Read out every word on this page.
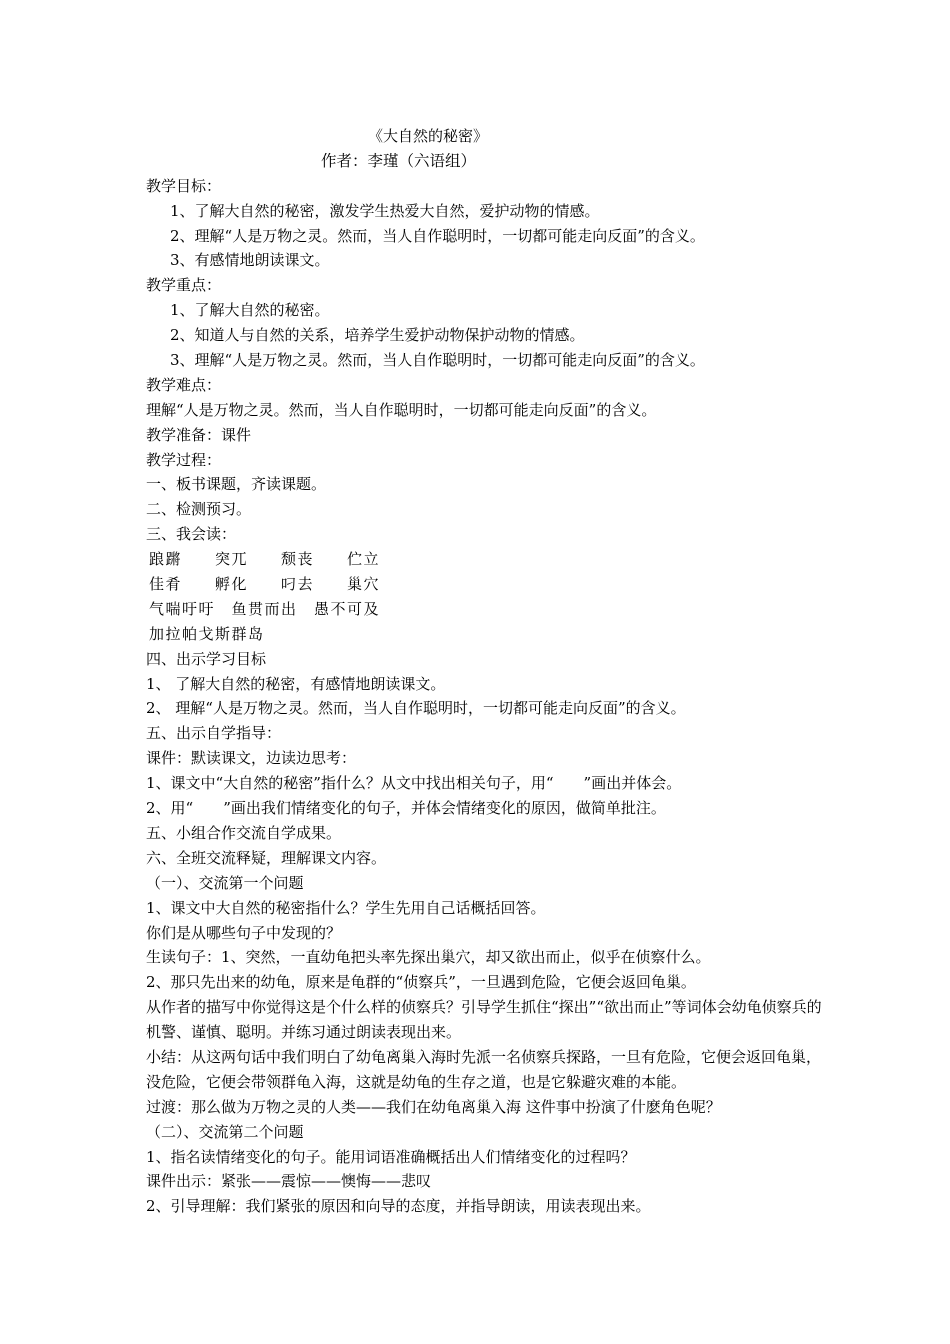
《大自然的秘密》
作者：李瑾（六语组）
教学目标：
1、了解大自然的秘密，激发学生热爱大自然，爱护动物的情感。
2、理解“人是万物之灵。然而，当人自作聪明时，一切都可能走向反面”的含义。
3、有感情地朗读课文。
教学重点：
1、了解大自然的秘密。
2、知道人与自然的关系，培养学生爱护动物保护动物的情感。
3、理解“人是万物之灵。然而，当人自作聪明时，一切都可能走向反面”的含义。
教学难点：
理解“人是万物之灵。然而，当人自作聪明时，一切都可能走向反面”的含义。
教学准备：课件
教学过程：
一、板书课题，齐读课题。
二、检测预习。
三、我会读：
踉蹡　　突兀　　颓丧　　伫立
佳肴　　孵化　　叼去　　巢穴
气喘吁吁　鱼贯而出　愚不可及
加拉帕戈斯群岛
四、出示学习目标
1、 了解大自然的秘密，有感情地朗读课文。
2、 理解“人是万物之灵。然而，当人自作聪明时，一切都可能走向反面”的含义。
五、出示自学指导：
课件：默读课文，边读边思考：
1、课文中“大自然的秘密”指什么？从文中找出相关句子，用“　　”画出并体会。
2、用“　　”画出我们情绪变化的句子，并体会情绪变化的原因，做简单批注。
五、小组合作交流自学成果。
六、全班交流释疑，理解课文内容。
（一）、交流第一个问题
1、课文中大自然的秘密指什么？学生先用自己话概括回答。
你们是从哪些句子中发现的？
生读句子：1、突然，一直幼龟把头率先探出巢穴，却又欲出而止，似乎在侦察什么。
2、那只先出来的幼龟，原来是龟群的“侦察兵”，一旦遇到危险，它便会返回龟巢。
从作者的描写中你觉得这是个什么样的侦察兵？引导学生抓住“探出”“欲出而止”等词体会幼龟侦察兵的机警、谨慎、聪明。并练习通过朗读表现出来。
小结：从这两句话中我们明白了幼龟离巢入海时先派一名侦察兵探路，一旦有危险，它便会返回龟巢，没危险，它便会带领群龟入海，这就是幼龟的生存之道，也是它躲避灾难的本能。
过渡：那么做为万物之灵的人类——我们在幼龟离巢入海 这件事中扮演了什麽角色呢？
（二）、交流第二个问题
1、指名读情绪变化的句子。能用词语准确概括出人们情绪变化的过程吗？
课件出示：紧张——震惊——懊悔——悲叹
2、引导理解：我们紧张的原因和向导的态度，并指导朗读，用读表现出来。
